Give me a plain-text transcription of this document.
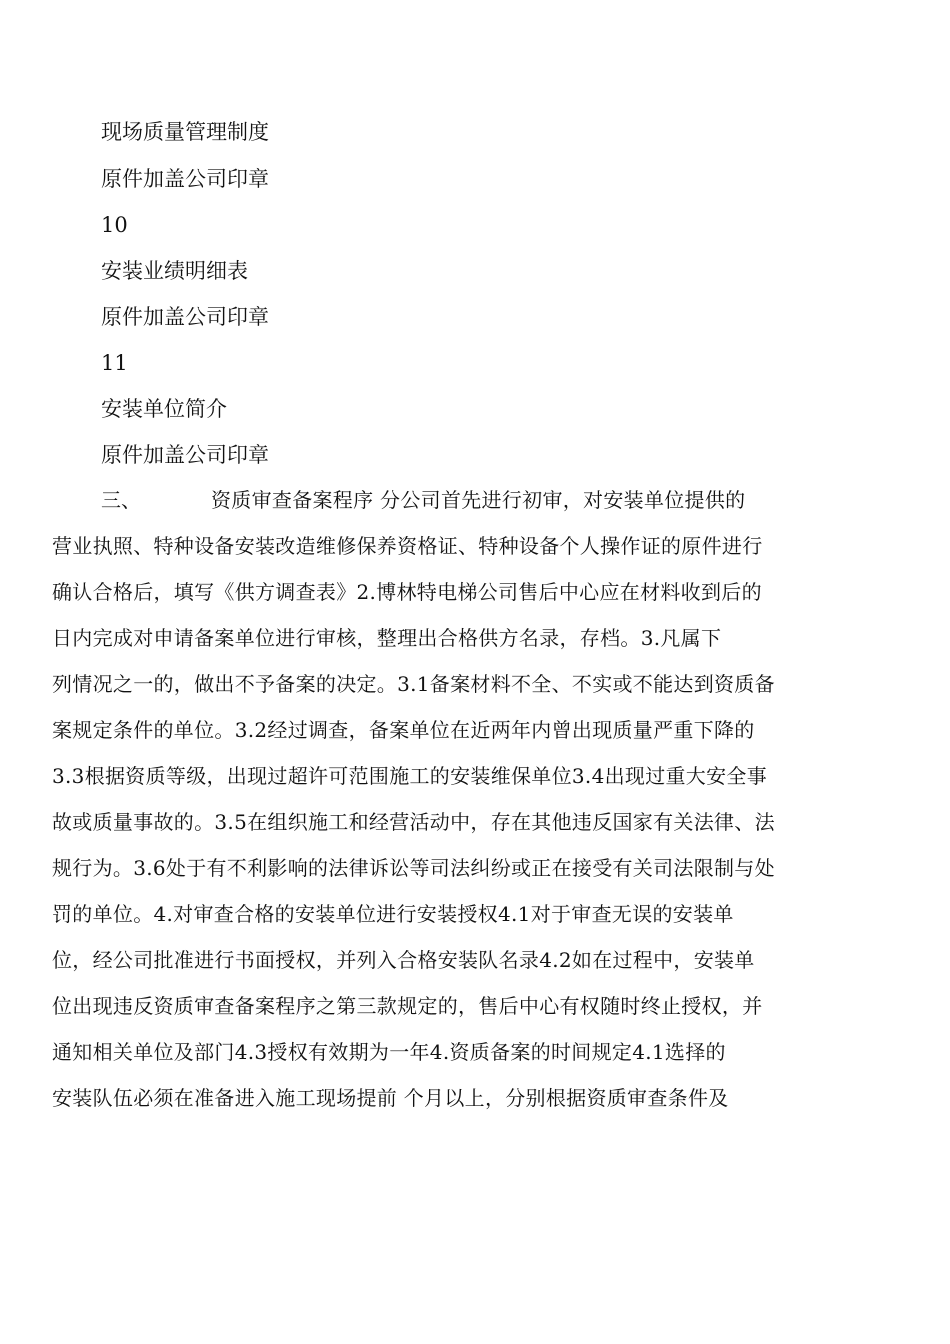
现场质量管理制度
原件加盖公司印章
10
安装业绩明细表
原件加盖公司印章
11
安装单位简介
原件加盖公司印章
三、	资质审查备案程序 分公司首先进行初审，对安装单位提供的
营业执照、特种设备安装改造维修保养资格证、特种设备个人操作证的原件进行
确认合格后，填写《供方调查表》2.博林特电梯公司售后中心应在材料收到后的
日内完成对申请备案单位进行审核，整理出合格供方名录，存档。3.凡属下
列情况之一的，做出不予备案的决定。3.1备案材料不全、不实或不能达到资质备
案规定条件的单位。3.2经过调查，备案单位在近两年内曾出现质量严重下降的
3.3根据资质等级，出现过超许可范围施工的安装维保单位3.4出现过重大安全事
故或质量事故的。3.5在组织施工和经营活动中，存在其他违反国家有关法律、法
规行为。3.6处于有不利影响的法律诉讼等司法纠纷或正在接受有关司法限制与处
罚的单位。4.对审查合格的安装单位进行安装授权4.1对于审查无误的安装单
位，经公司批准进行书面授权，并列入合格安装队名录4.2如在过程中，安装单
位出现违反资质审查备案程序之第三款规定的，售后中心有权随时终止授权，并
通知相关单位及部门4.3授权有效期为一年4.资质备案的时间规定4.1选择的
安装队伍必须在准备进入施工现场提前 个月以上，分别根据资质审查条件及
